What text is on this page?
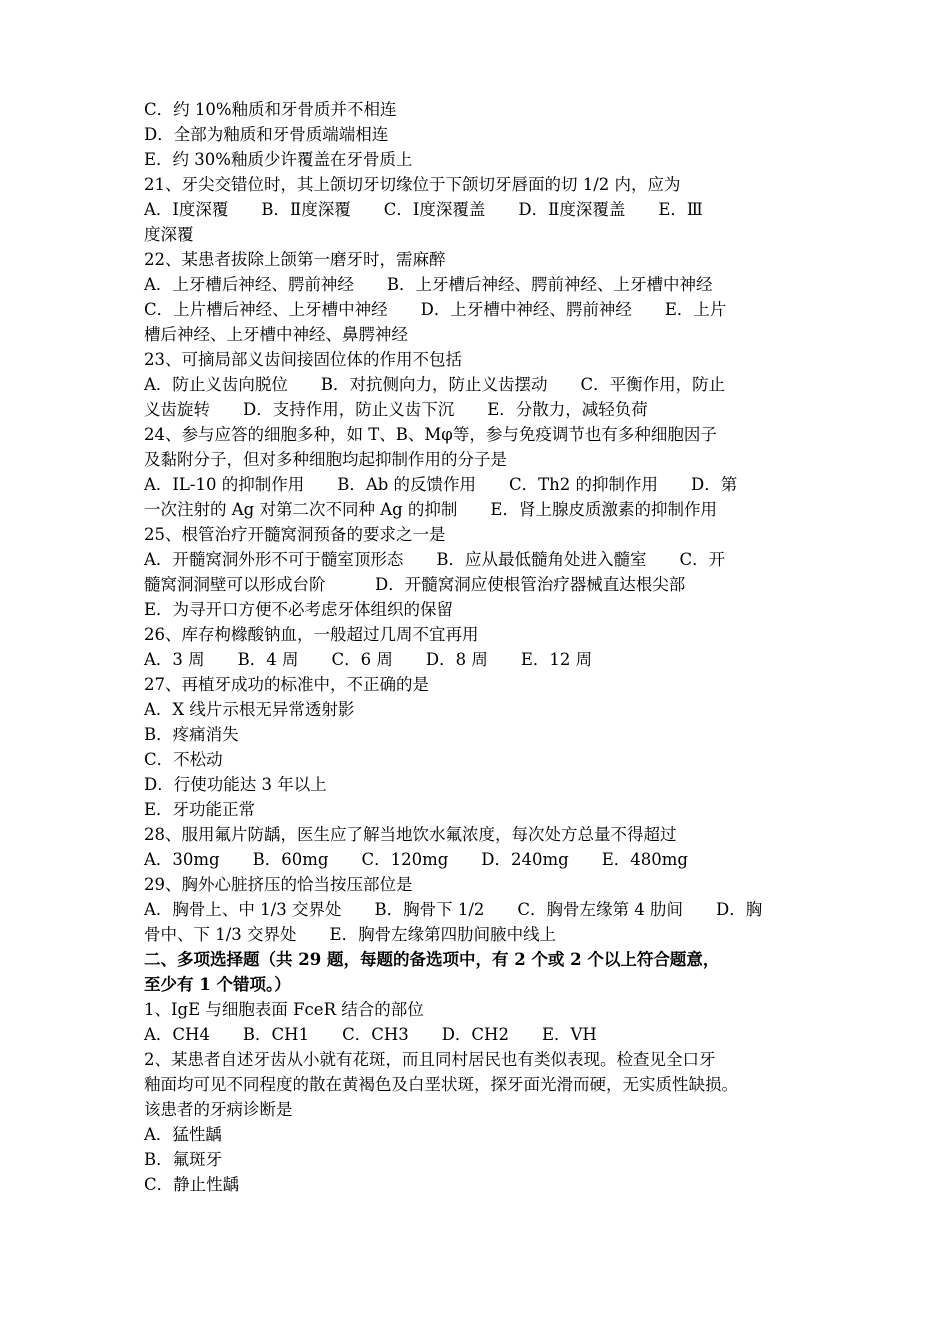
C．约 10%釉质和牙骨质并不相连
D．全部为釉质和牙骨质端端相连
E．约 30%釉质少许覆盖在牙骨质上
21、牙尖交错位时，其上颌切牙切缘位于下颌切牙唇面的切 1/2 内，应为
A．Ⅰ度深覆　　B．Ⅱ度深覆　　C．Ⅰ度深覆盖　　D．Ⅱ度深覆盖　　E．Ⅲ
度深覆
22、某患者拔除上颌第一磨牙时，需麻醉
A．上牙槽后神经、腭前神经　　B．上牙槽后神经、腭前神经、上牙槽中神经
C．上片槽后神经、上牙槽中神经　　D．上牙槽中神经、腭前神经　　E．上片
槽后神经、上牙槽中神经、鼻腭神经
23、可摘局部义齿间接固位体的作用不包括
A．防止义齿向脱位　　B．对抗侧向力，防止义齿摆动　　C．平衡作用，防止
义齿旋转　　D．支持作用，防止义齿下沉　　E．分散力，减轻负荷
24、参与应答的细胞多种，如 T、B、Mφ等，参与免疫调节也有多种细胞因子
及黏附分子，但对多种细胞均起抑制作用的分子是
A．IL-10 的抑制作用　　B．Ab 的反馈作用　　C．Th2 的抑制作用　　D．第
一次注射的 Ag 对第二次不同种 Ag 的抑制　　E．肾上腺皮质激素的抑制作用
25、根管治疗开髓窝洞预备的要求之一是
A．开髓窝洞外形不可于髓室顶形态　　B．应从最低髓角处进入髓室　　C．开
髓窝洞洞壁可以形成台阶　　　D．开髓窝洞应使根管治疗器械直达根尖部
E．为寻开口方便不必考虑牙体组织的保留
26、库存枸橼酸钠血，一般超过几周不宜再用
A．3 周　　B．4 周　　C．6 周　　D．8 周　　E．12 周
27、再植牙成功的标准中，不正确的是
A．X 线片示根无异常透射影
B．疼痛消失
C．不松动
D．行使功能达 3 年以上
E．牙功能正常
28、服用氟片防龋，医生应了解当地饮水氟浓度，每次处方总量不得超过
A．30mg　　B．60mg　　C．120mg　　D．240mg　　E．480mg
29、胸外心脏挤压的恰当按压部位是
A．胸骨上、中 1/3 交界处　　B．胸骨下 1/2　　C．胸骨左缘第 4 肋间　　D．胸
骨中、下 1/3 交界处　　E．胸骨左缘第四肋间腋中线上
二、多项选择题（共 29 题，每题的备选项中，有 2 个或 2 个以上符合题意，
至少有 1 个错项。）
1、IgE 与细胞表面 FceR 结合的部位
A．CH4　　B．CH1　　C．CH3　　D．CH2　　E．VH
2、某患者自述牙齿从小就有花斑，而且同村居民也有类似表现。检查见全口牙
釉面均可见不同程度的散在黄褐色及白垩状斑，探牙面光滑而硬，无实质性缺损。
该患者的牙病诊断是
A．猛性龋
B．氟斑牙
C．静止性龋
